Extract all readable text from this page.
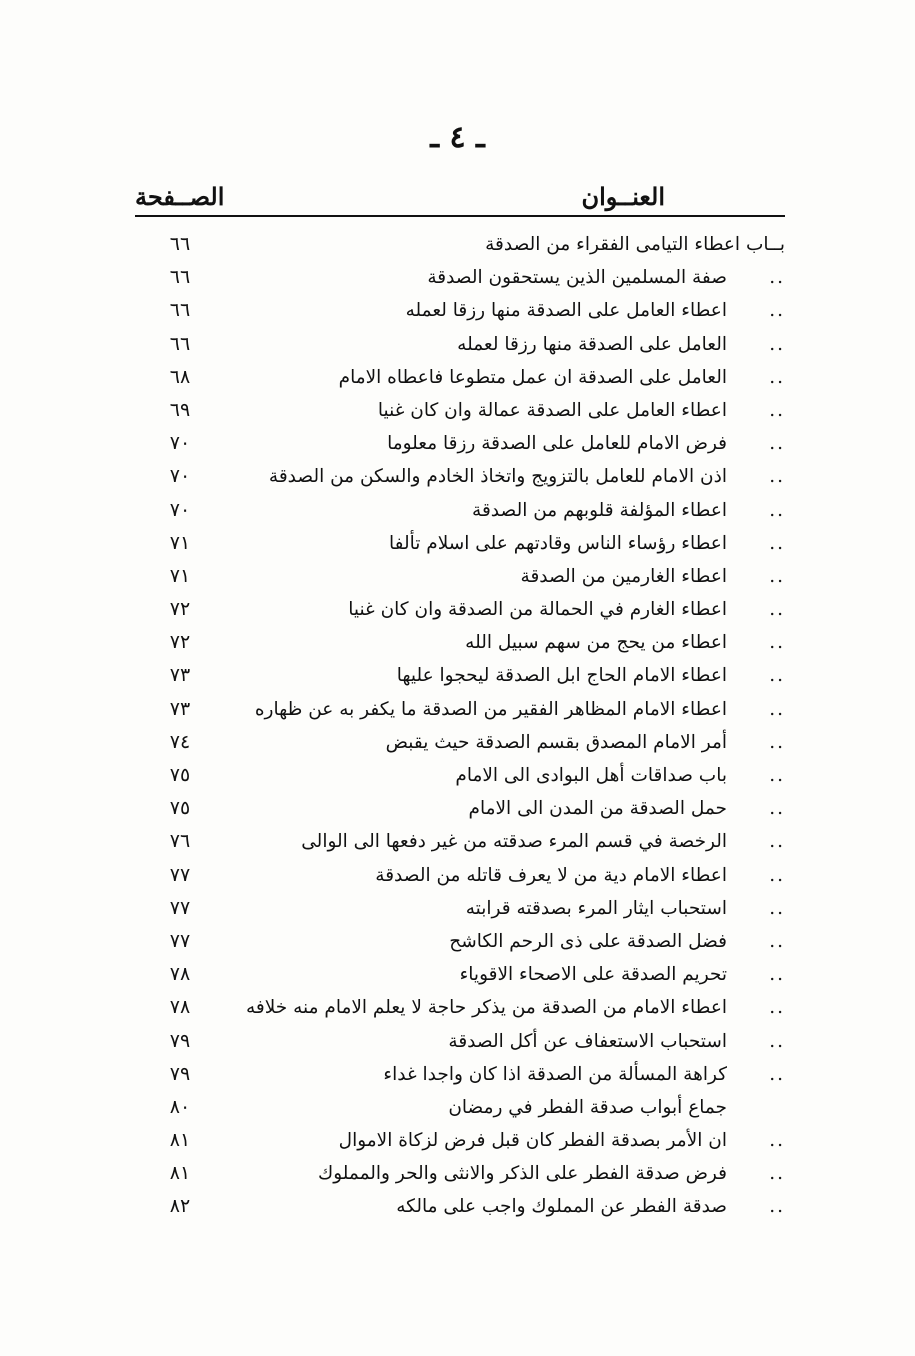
ـ ٤ ـ
العنــوان
الصــفحة
بــاب اعطاء التيامى الفقراء من الصدقة
٦٦
..
صفة المسلمين الذين يستحقون الصدقة
٦٦
..
اعطاء العامل على الصدقة منها رزقا لعمله
٦٦
..
العامل على الصدقة منها رزقا لعمله
٦٦
..
العامل على الصدقة ان عمل متطوعا فاعطاه الامام
٦٨
..
اعطاء العامل على الصدقة عمالة وان كان غنيا
٦٩
..
فرض الامام للعامل على الصدقة رزقا معلوما
٧٠
..
اذن الامام للعامل بالتزويج واتخاذ الخادم والسكن من الصدقة
٧٠
..
اعطاء المؤلفة قلوبهم من الصدقة
٧٠
..
اعطاء رؤساء الناس وقادتهم على اسلام تألفا
٧١
..
اعطاء الغارمين من الصدقة
٧١
..
اعطاء الغارم في الحمالة من الصدقة وان كان غنيا
٧٢
..
اعطاء من يحج من سهم سبيل الله
٧٢
..
اعطاء الامام الحاج ابل الصدقة ليحجوا عليها
٧٣
..
اعطاء الامام المظاهر الفقير من الصدقة ما يكفر به عن ظهاره
٧٣
..
أمر الامام المصدق بقسم الصدقة حيث يقبض
٧٤
..
باب صداقات أهل البوادى الى الامام
٧٥
..
حمل الصدقة من المدن الى الامام
٧٥
..
الرخصة في قسم المرء صدقته من غير دفعها الى الوالى
٧٦
..
اعطاء الامام دية من لا يعرف قاتله من الصدقة
٧٧
..
استحباب ايثار المرء بصدقته قرابته
٧٧
..
فضل الصدقة على ذى الرحم الكاشح
٧٧
..
تحريم الصدقة على الاصحاء الاقوياء
٧٨
..
اعطاء الامام من الصدقة من يذكر حاجة لا يعلم الامام منه خلافه
٧٨
..
استحباب الاستعفاف عن أكل الصدقة
٧٩
..
كراهة المسألة من الصدقة اذا كان واجدا غداء
٧٩
جماع أبواب صدقة الفطر في رمضان
٨٠
..
ان الأمر بصدقة الفطر كان قبل فرض لزكاة الاموال
٨١
..
فرض صدقة الفطر على الذكر والانثى والحر والمملوك
٨١
..
صدقة الفطر عن المملوك واجب على مالكه
٨٢
